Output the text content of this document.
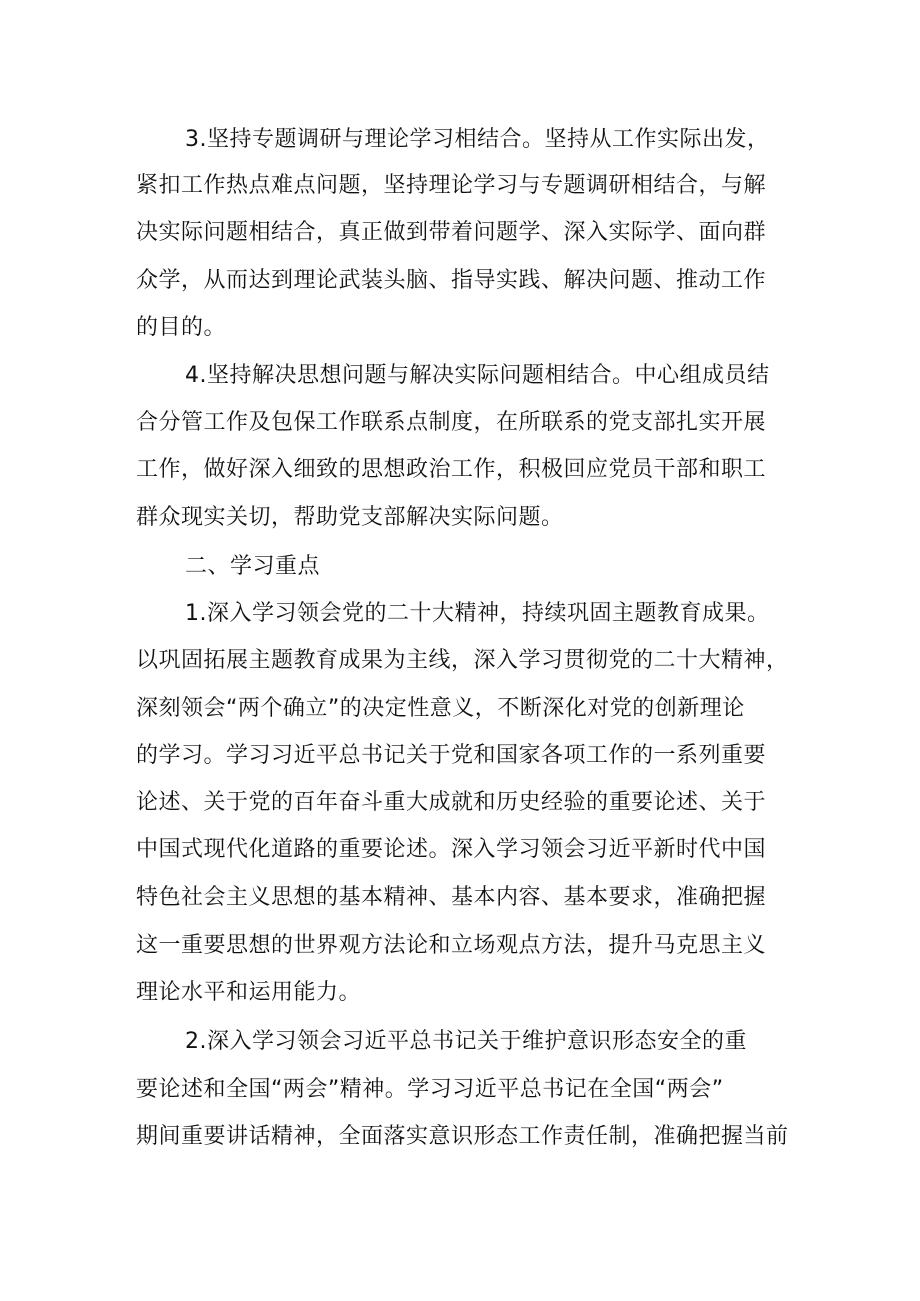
3.坚持专题调研与理论学习相结合。坚持从工作实际出发，
紧扣工作热点难点问题，坚持理论学习与专题调研相结合，与解
决实际问题相结合，真正做到带着问题学、深入实际学、面向群
众学，从而达到理论武装头脑、指导实践、解决问题、推动工作
的目的。
4.坚持解决思想问题与解决实际问题相结合。中心组成员结
合分管工作及包保工作联系点制度，在所联系的党支部扎实开展
工作，做好深入细致的思想政治工作，积极回应党员干部和职工
群众现实关切，帮助党支部解决实际问题。
二、学习重点
1.深入学习领会党的二十大精神，持续巩固主题教育成果。
以巩固拓展主题教育成果为主线，深入学习贯彻党的二十大精神，
深刻领会“两个确立”的决定性意义，不断深化对党的创新理论
的学习。学习习近平总书记关于党和国家各项工作的一系列重要
论述、关于党的百年奋斗重大成就和历史经验的重要论述、关于
中国式现代化道路的重要论述。深入学习领会习近平新时代中国
特色社会主义思想的基本精神、基本内容、基本要求，准确把握
这一重要思想的世界观方法论和立场观点方法，提升马克思主义
理论水平和运用能力。
2.深入学习领会习近平总书记关于维护意识形态安全的重
要论述和全国“两会”精神。学习习近平总书记在全国“两会”
期间重要讲话精神，全面落实意识形态工作责任制，准确把握当前
